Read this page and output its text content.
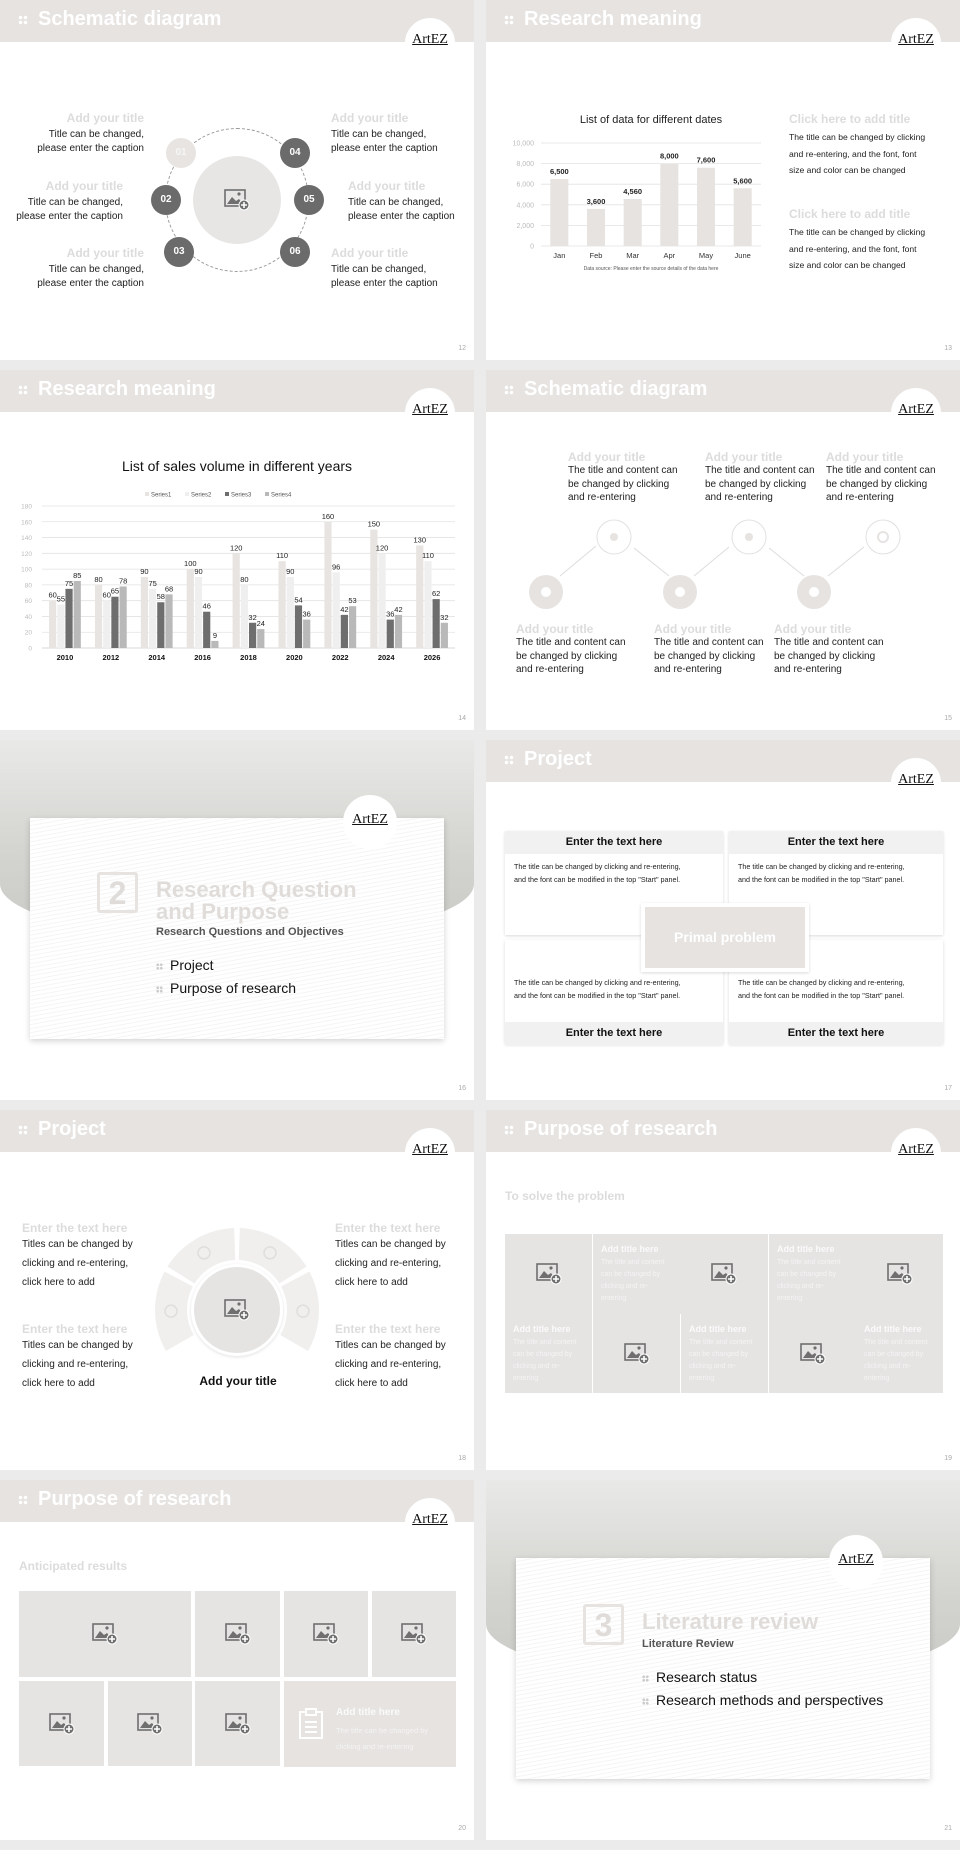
Schematic diagram
ArtEZ
01
02
03
04
05
06
Add your title
Title can be changed,
please enter the caption
Add your title
Title can be changed,
please enter the caption
Add your title
Title can be changed,
please enter the caption
Add your title
Title can be changed,
please enter the caption
Add your title
Title can be changed,
please enter the caption
Add your title
Title can be changed,
please enter the caption
12
Research meaning
ArtEZ
List of data for different dates
0
2,000
4,000
6,000
8,000
10,000
6,500
Jan
3,600
Feb
4,560
Mar
8,000
Apr
7,600
May
5,600
June
Data source: Please enter the source details of the data here
Click here to add title
The title can be changed by clicking
and re-entering, and the font, font
size and color can be changed
Click here to add title
The title can be changed by clicking
and re-entering, and the font, font
size and color can be changed
13
Research meaning
ArtEZ
List of sales volume in different years
0
20
40
60
80
100
120
140
160
180
Series1	Series2	Series3	Series4
60 55
75
85
2010
80
60 65
78
2012
90
75
58
68
2014
100
90
46
9
2016
120
80
32
24
2018
110
90
54
36
2020
160
96
42
53
2022
150
120
36
42
2024
130
110
62
32
2026
14
Schematic diagram
ArtEZ
Add your title
The title and content can
be changed by clicking
and re-entering
Add your title
The title and content can
be changed by clicking
and re-entering
Add your title
The title and content can
be changed by clicking
and re-entering
Add your title
The title and content can
be changed by clicking
and re-entering
Add your title
The title and content can
be changed by clicking
and re-entering
Add your title
The title and content can
be changed by clicking
and re-entering
15
ArtEZ
2	Research Question
and Purpose
Research Questions and Objectives
Project
Purpose of research
16
Project
ArtEZ
Enter the text here
The title can be changed by clicking and re-entering,
and the font can be modified in the top "Start" panel.
Enter the text here
The title can be changed by clicking and re-entering,
and the font can be modified in the top "Start" panel.
The title can be changed by clicking and re-entering,
and the font can be modified in the top "Start" panel.
Enter the text here
The title can be changed by clicking and re-entering,
and the font can be modified in the top "Start" panel.
Enter the text here
Primal problem
17
Project
ArtEZ
Add your title
Enter the text here
Titles can be changed by
clicking and re-entering,
click here to add
Enter the text here
Titles can be changed by
clicking and re-entering,
click here to add
Enter the text here
Titles can be changed by
clicking and re-entering,
click here to add
Enter the text here
Titles can be changed by
clicking and re-entering,
click here to add
18
Purpose of research
ArtEZ
To solve the problem
Add title here
The title and content can be changed by clicking and re-entering
Add title here
The title and content can be changed by clicking and re-entering
Add title here
The title and content can be changed by clicking and re-entering
Add title here
The title and content can be changed by clicking and re-entering
Add title here
The title and content can be changed by clicking and re-entering
19
Purpose of research
ArtEZ
Anticipated results
Add title here
The title can be changed by clicking and re-entering
20
ArtEZ
3	Literature review
Literature Review
Research status
Research methods and perspectives
21
